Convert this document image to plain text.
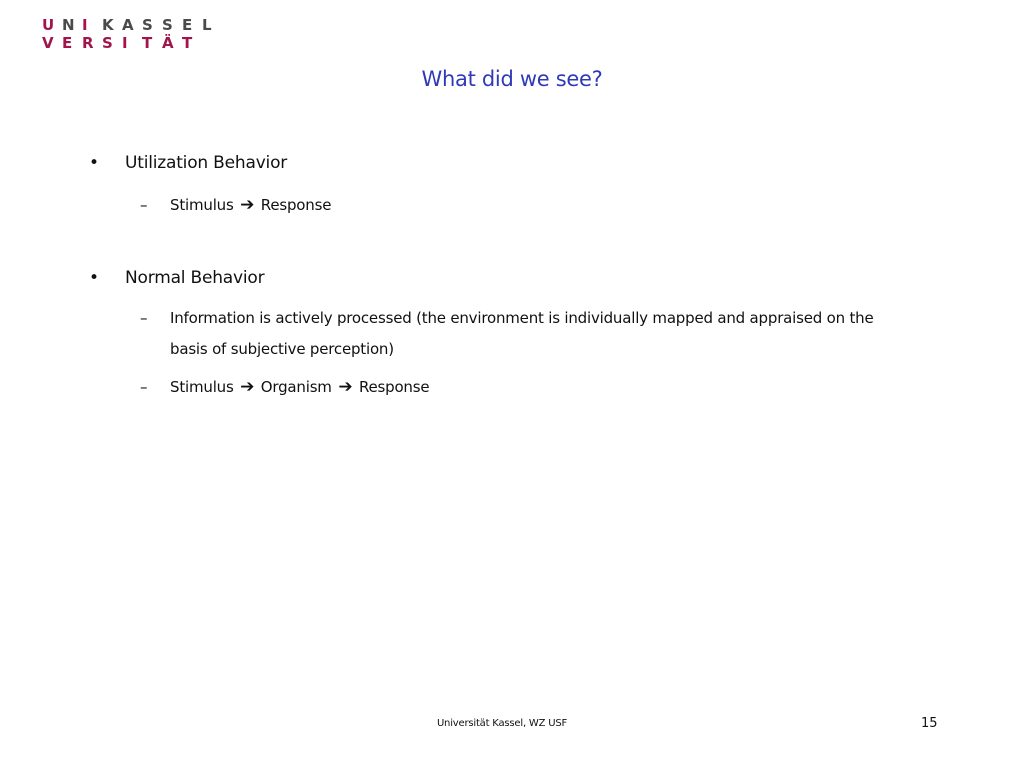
U N I K A S S E L
V E R S I T Ä T
What did we see?
• Utilization Behavior
– Stimulus ➔ Response
• Normal Behavior
– Information is actively processed (the environment is individually mapped and appraised on the
basis of subjective perception)
– Stimulus ➔ Organism ➔ Response
Universität Kassel, WZ USF	15
